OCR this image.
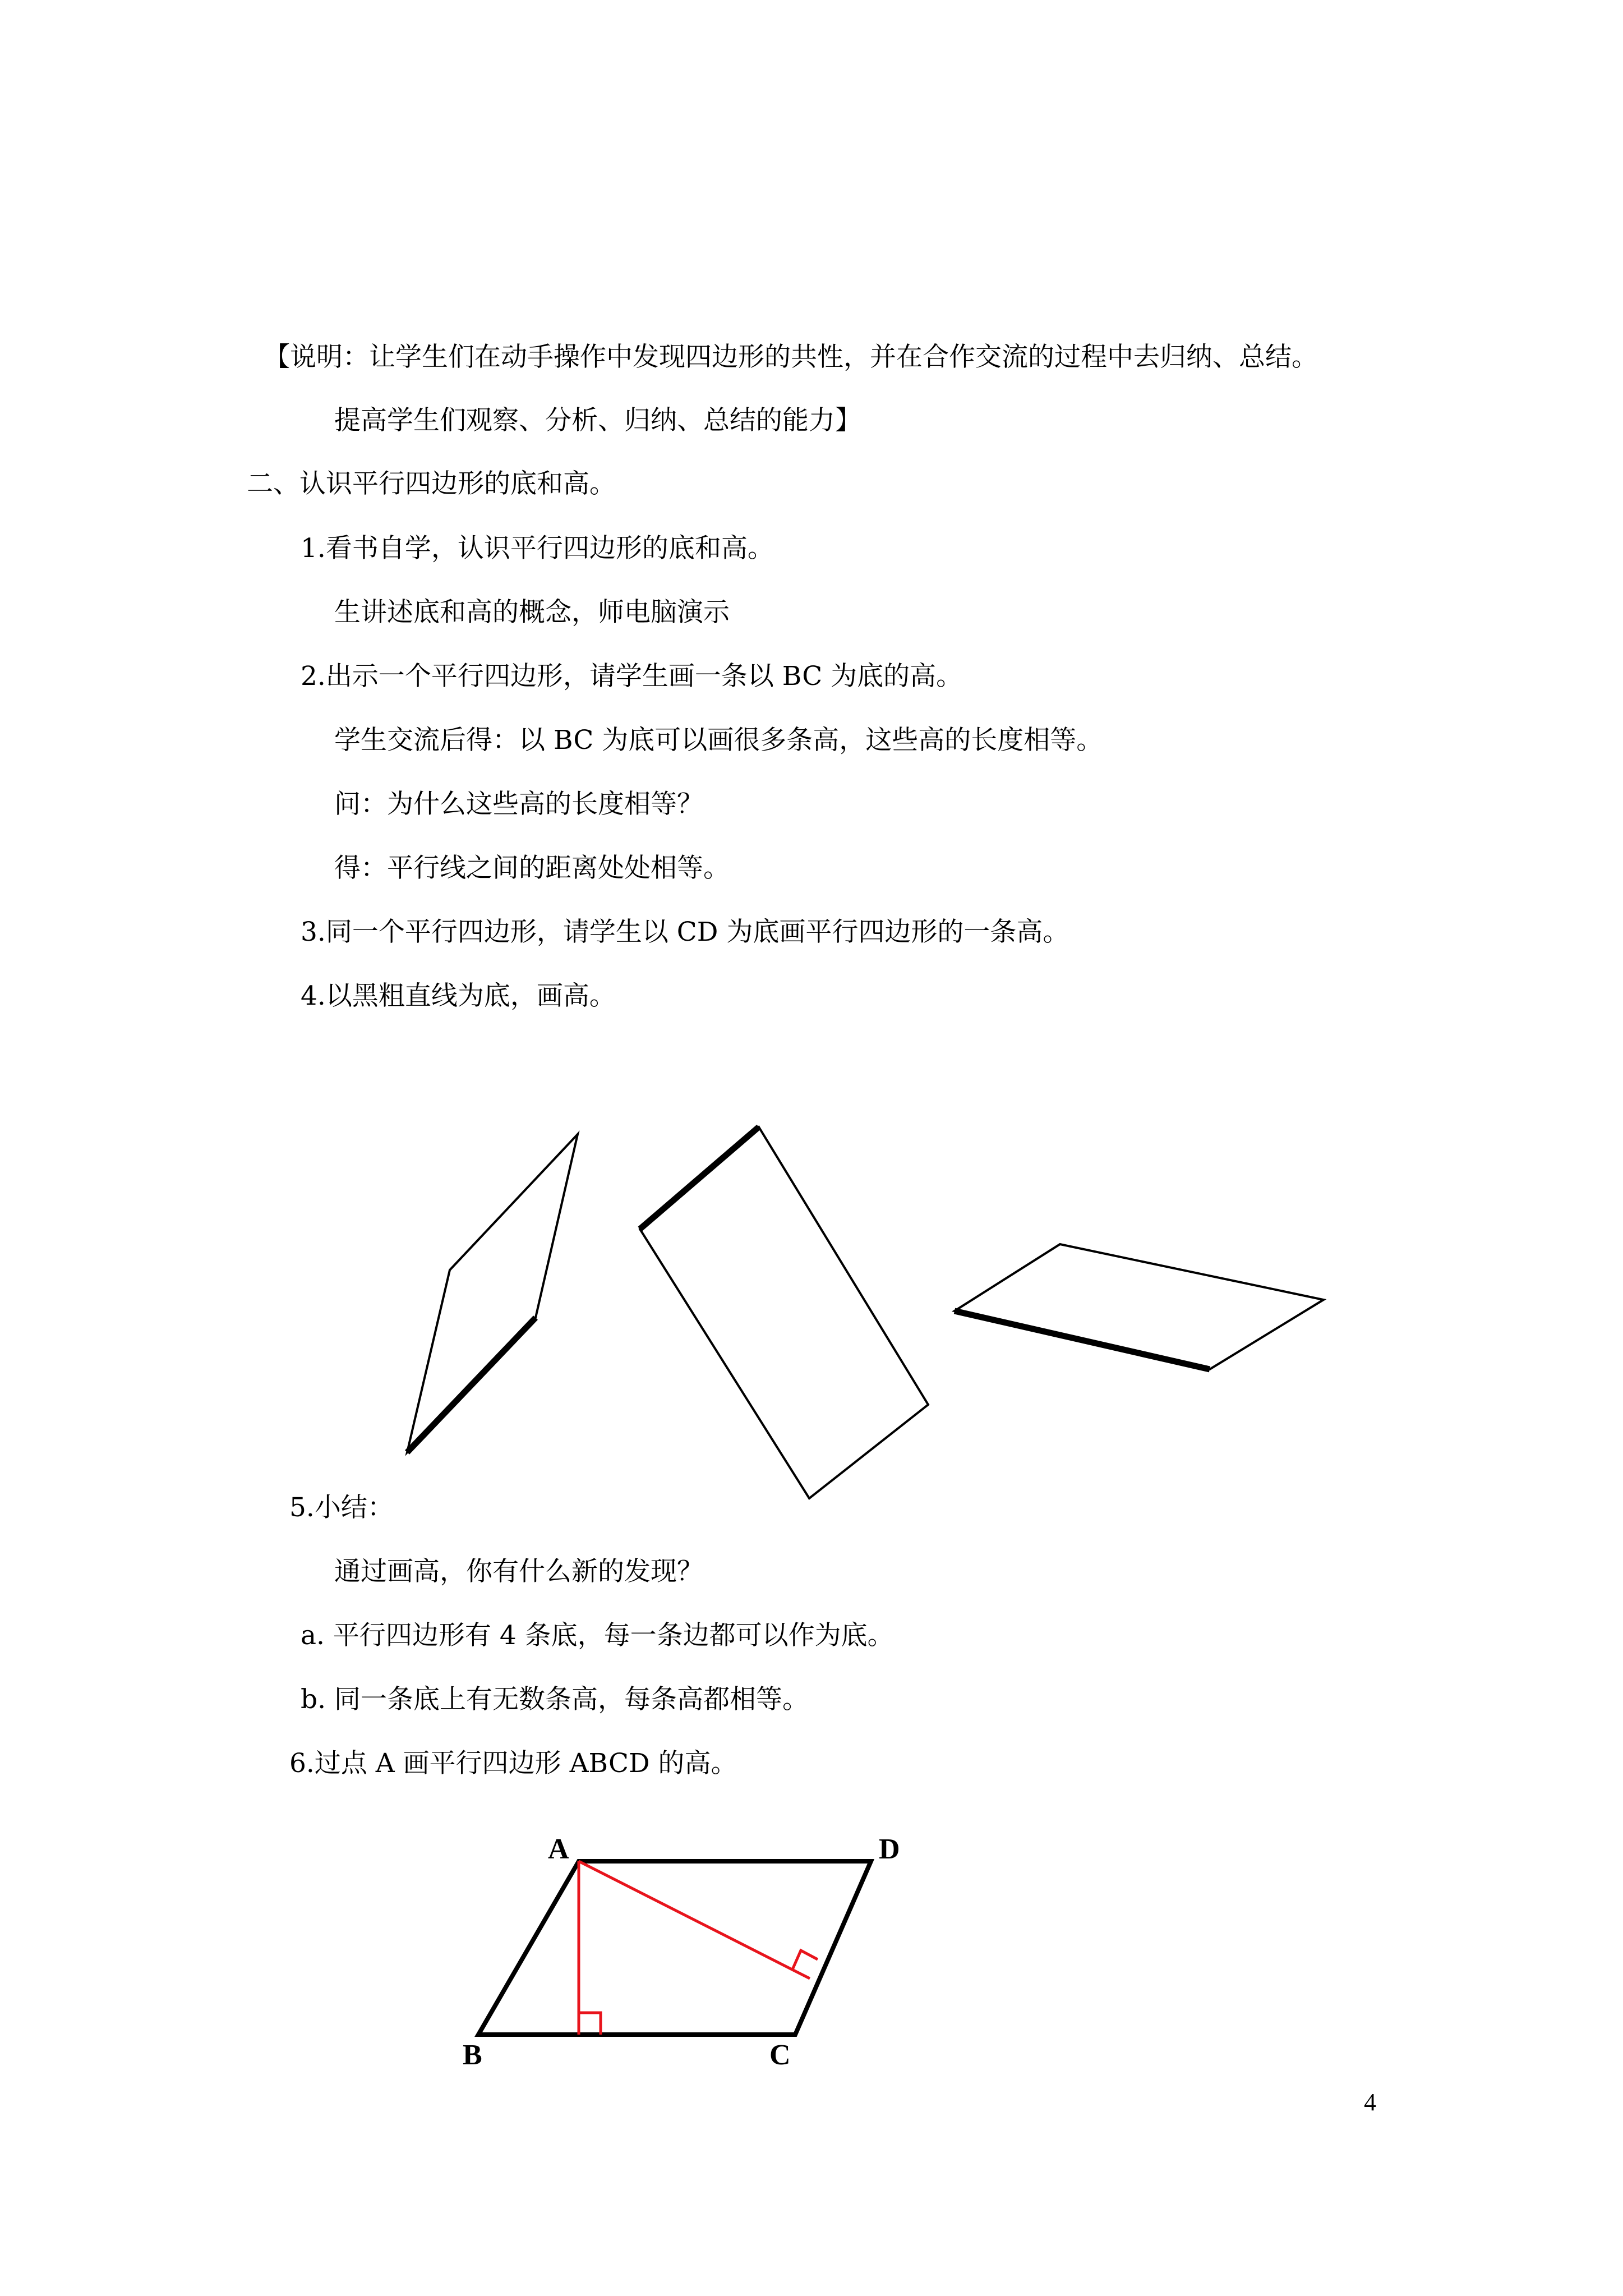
【说明：让学生们在动手操作中发现四边形的共性，并在合作交流的过程中去归纳、总结。
提高学生们观察、分析、归纳、总结的能力】
二、认识平行四边形的底和高。
1.看书自学，认识平行四边形的底和高。
生讲述底和高的概念，师电脑演示
2.出示一个平行四边形，请学生画一条以 BC 为底的高。
学生交流后得：以 BC 为底可以画很多条高，这些高的长度相等。
问：为什么这些高的长度相等？
得：平行线之间的距离处处相等。
3.同一个平行四边形，请学生以 CD 为底画平行四边形的一条高。
4.以黑粗直线为底，画高。
A	D
B	C
5.小结：
通过画高，你有什么新的发现？
a. 平行四边形有 4 条底，每一条边都可以作为底。
b. 同一条底上有无数条高，每条高都相等。
6.过点 A 画平行四边形 ABCD 的高。
4
